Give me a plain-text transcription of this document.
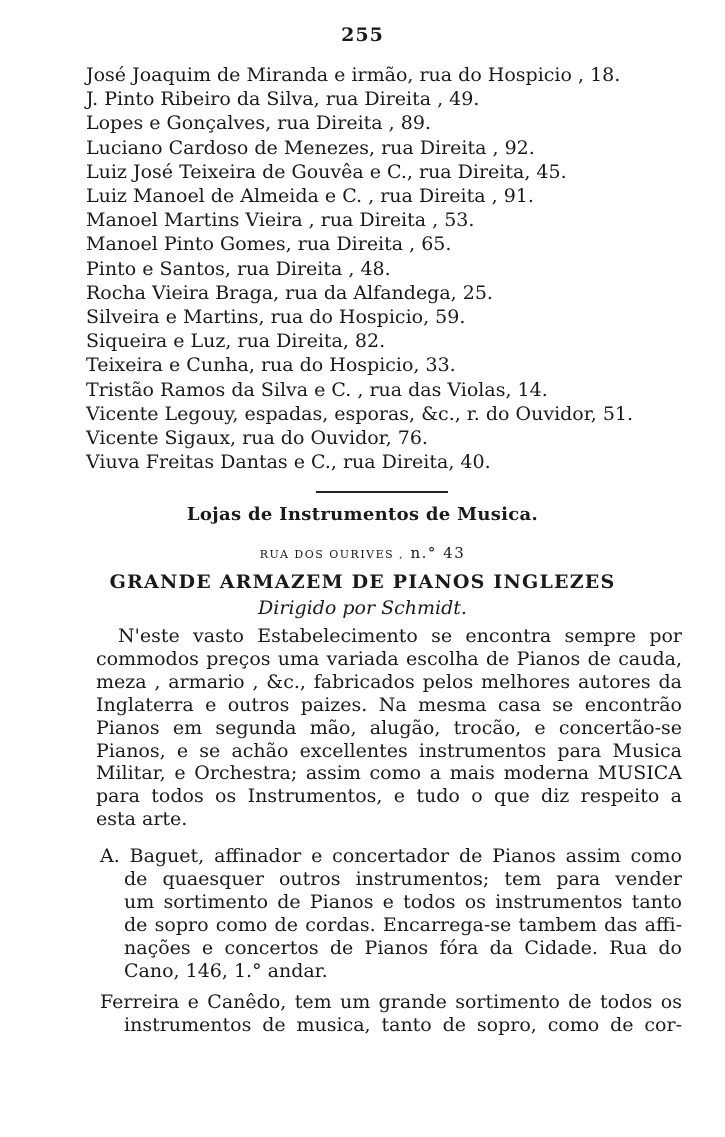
255
José Joaquim de Miranda e irmão, rua do Hospicio , 18.
J. Pinto Ribeiro da Silva, rua Direita , 49.
Lopes e Gonçalves, rua Direita , 89.
Luciano Cardoso de Menezes, rua Direita , 92.
Luiz José Teixeira de Gouvêa e C., rua Direita, 45.
Luiz Manoel de Almeida e C. , rua Direita , 91.
Manoel Martins Vieira , rua Direita , 53.
Manoel Pinto Gomes, rua Direita , 65.
Pinto e Santos, rua Direita , 48.
Rocha Vieira Braga, rua da Alfandega, 25.
Silveira e Martins, rua do Hospicio, 59.
Siqueira e Luz, rua Direita, 82.
Teixeira e Cunha, rua do Hospicio, 33.
Tristão Ramos da Silva e C. , rua das Violas, 14.
Vicente Legouy, espadas, esporas, &c., r. do Ouvidor, 51.
Vicente Sigaux, rua do Ouvidor, 76.
Viuva Freitas Dantas e C., rua Direita, 40.
Lojas de Instrumentos de Musica.
RUA DOS OURIVES , n.° 43
GRANDE ARMAZEM DE PIANOS INGLEZES
Dirigido por Schmidt.

N'este vasto Estabelecimento se encontra sempre por
commodos preços uma variada escolha de Pianos de cauda,
meza , armario , &c., fabricados pelos melhores autores da
Inglaterra e outros paizes. Na mesma casa se encontrão
Pianos em segunda mão, alugão, trocão, e concertão-se
Pianos, e se achão excellentes instrumentos para Musica
Militar, e Orchestra; assim como a mais moderna MUSICA
para todos os Instrumentos, e tudo o que diz respeito a
esta arte.

A. Baguet, affinador e concertador de Pianos assim como
de quaesquer outros instrumentos; tem para vender
um sortimento de Pianos e todos os instrumentos tanto
de sopro como de cordas. Encarrega-se tambem das affi-
nações e concertos de Pianos fóra da Cidade. Rua do
Cano, 146, 1.° andar.

Ferreira e Canêdo, tem um grande sortimento de todos os
instrumentos de musica, tanto de sopro, como de cor-
